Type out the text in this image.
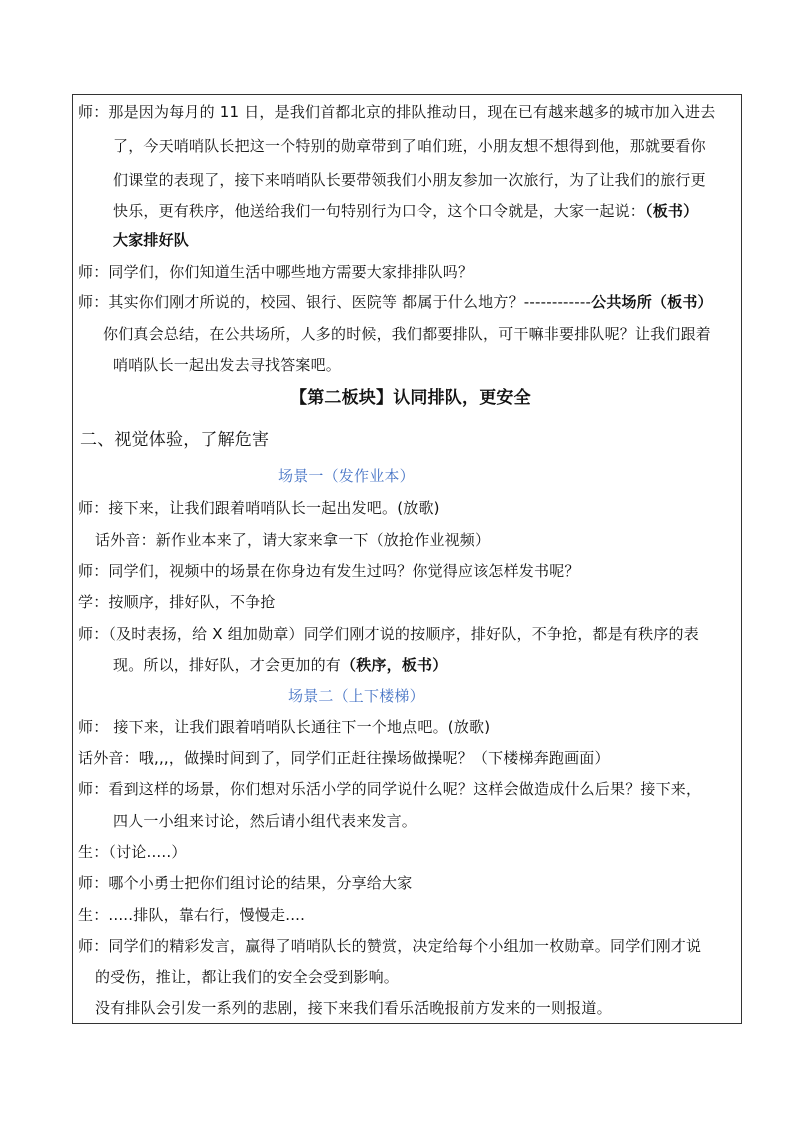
师：那是因为每月的 11 日，是我们首都北京的排队推动日，现在已有越来越多的城市加入进去
了，今天哨哨队长把这一个特别的勋章带到了咱们班，小朋友想不想得到他，那就要看你
们课堂的表现了，接下来哨哨队长要带领我们小朋友参加一次旅行，为了让我们的旅行更
快乐，更有秩序，他送给我们一句特别行为口令，这个口令就是，大家一起说：（板书）
大家排好队
师：同学们，你们知道生活中哪些地方需要大家排排队吗？
师：其实你们刚才所说的，校园、银行、医院等 都属于什么地方？------------公共场所（板书）
你们真会总结，在公共场所，人多的时候，我们都要排队，可干嘛非要排队呢？让我们跟着
哨哨队长一起出发去寻找答案吧。
【第二板块】认同排队，更安全
二、视觉体验，了解危害
场景一（发作业本）
师：接下来，让我们跟着哨哨队长一起出发吧。(放歌)
话外音：新作业本来了，请大家来拿一下（放抢作业视频）
师：同学们，视频中的场景在你身边有发生过吗？你觉得应该怎样发书呢？
学：按顺序，排好队，不争抢
师：（及时表扬，给 X 组加勋章）同学们刚才说的按顺序，排好队，不争抢，都是有秩序的表
现。所以，排好队，才会更加的有（秩序，板书）
场景二（上下楼梯）
师： 接下来，让我们跟着哨哨队长通往下一个地点吧。(放歌)
话外音：哦,,,，做操时间到了，同学们正赶往操场做操呢？（下楼梯奔跑画面）
师：看到这样的场景，你们想对乐活小学的同学说什么呢？这样会做造成什么后果？接下来，
四人一小组来讨论，然后请小组代表来发言。
生：（讨论.....）
师：哪个小勇士把你们组讨论的结果，分享给大家
生：.....排队，靠右行，慢慢走....
师：同学们的精彩发言，赢得了哨哨队长的赞赏，决定给每个小组加一枚勋章。同学们刚才说
的受伤，推让，都让我们的安全会受到影响。
没有排队会引发一系列的悲剧，接下来我们看乐活晚报前方发来的一则报道。
